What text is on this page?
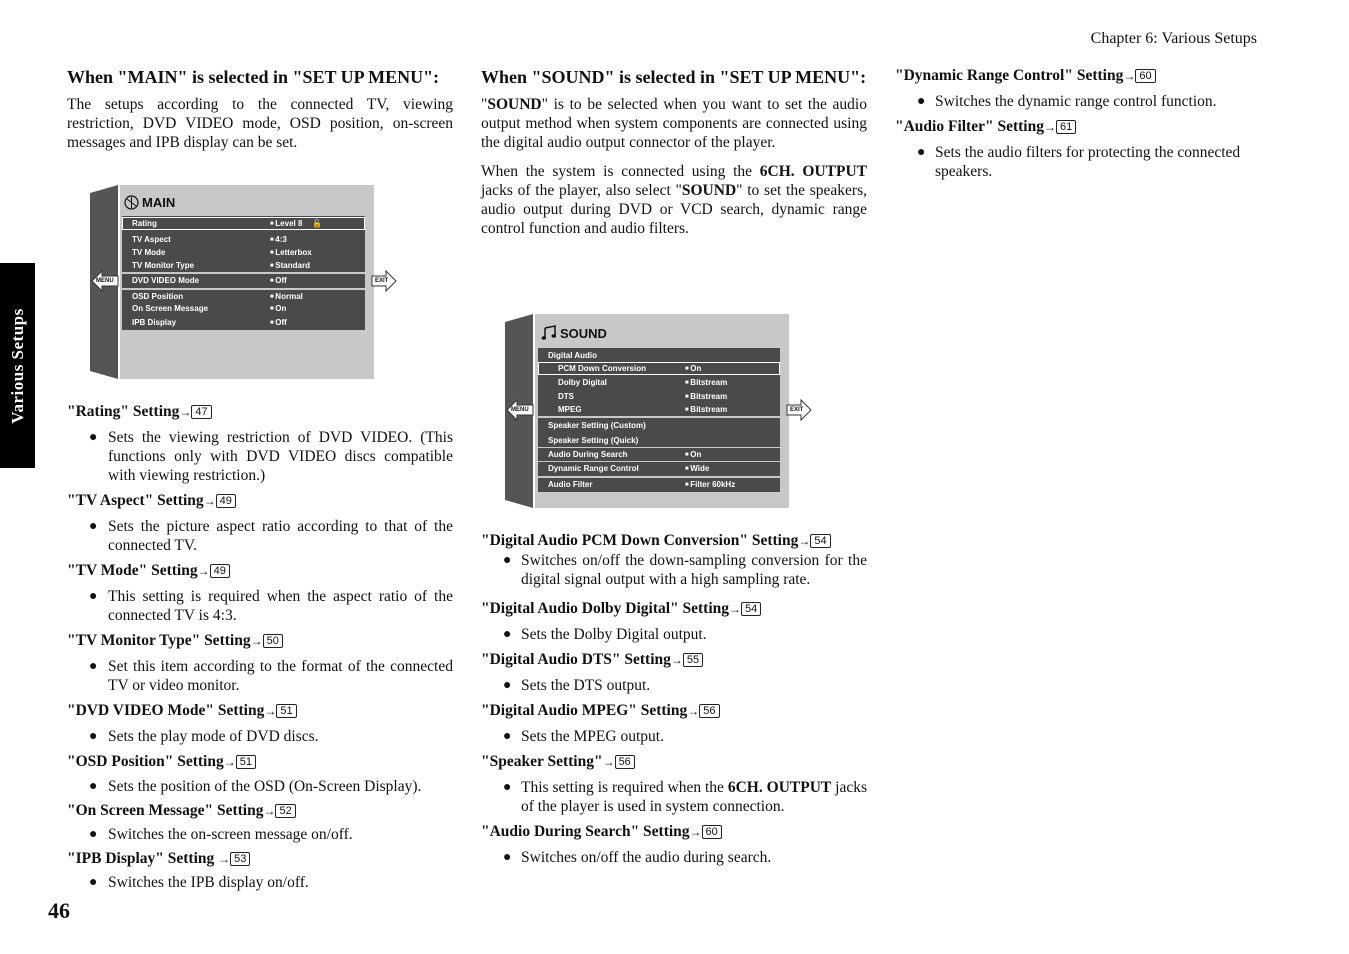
Chapter 6: Various Setups
Various Setups
46

When "MAIN" is selected in "SET UP MENU":

The setups according to the connected TV, viewing restriction, DVD VIDEO mode, OSD position, on-screen messages and IPB display can be set.

MAIN
Rating	■ Level 8 🔓
TV Aspect	■ 4:3
TV Mode	■ Letterbox
TV Monitor Type	■ Standard
DVD VIDEO Mode	■ Off
OSD Position	■ Normal
On Screen Message	■ On
IPB Display	■ Off
MENU	EXIT

"Rating" Setting→ 47

● Sets the viewing restriction of DVD VIDEO. (This functions only with DVD VIDEO discs compatible with viewing restriction.)

"TV Aspect" Setting→ 49

● Sets the picture aspect ratio according to that of the connected TV.

"TV Mode" Setting→ 49

● This setting is required when the aspect ratio of the connected TV is 4:3.

"TV Monitor Type" Setting→ 50

● Set this item according to the format of the connected TV or video monitor.

"DVD VIDEO Mode" Setting→ 51

● Sets the play mode of DVD discs.

"OSD Position" Setting→ 51

● Sets the position of the OSD (On-Screen Display).

"On Screen Message" Setting→ 52

● Switches the on-screen message on/off.

"IPB Display" Setting → 53

● Switches the IPB display on/off.

When "SOUND" is selected in "SET UP MENU":

"SOUND" is to be selected when you want to set the audio output method when system components are connected using the digital audio output connector of the player.

When the system is connected using the 6CH. OUTPUT jacks of the player, also select "SOUND" to set the speakers, audio output during DVD or VCD search, dynamic range control function and audio filters.

SOUND
Digital Audio
PCM Down Conversion	■ On
Dolby Digital	■ Bitstream
DTS	■ Bitstream
MPEG	■ Bitstream
Speaker Setting (Custom)
Speaker Setting (Quick)
Audio During Search	■ On
Dynamic Range Control	■ Wide
Audio Filter	■ Filter 60kHz
MENU	EXIT

"Digital Audio PCM Down Conversion" Setting→ 54

● Switches on/off the down-sampling conversion for the digital signal output with a high sampling rate.

"Digital Audio Dolby Digital" Setting→ 54

● Sets the Dolby Digital output.

"Digital Audio DTS" Setting→ 55

● Sets the DTS output.

"Digital Audio MPEG" Setting→ 56

● Sets the MPEG output.

"Speaker Setting"→ 56

● This setting is required when the 6CH. OUTPUT jacks of the player is used in system connection.

"Audio During Search" Setting→ 60

● Switches on/off the audio during search.

"Dynamic Range Control" Setting→ 60

● Switches the dynamic range control function.

"Audio Filter" Setting→ 61

● Sets the audio filters for protecting the connected speakers.
